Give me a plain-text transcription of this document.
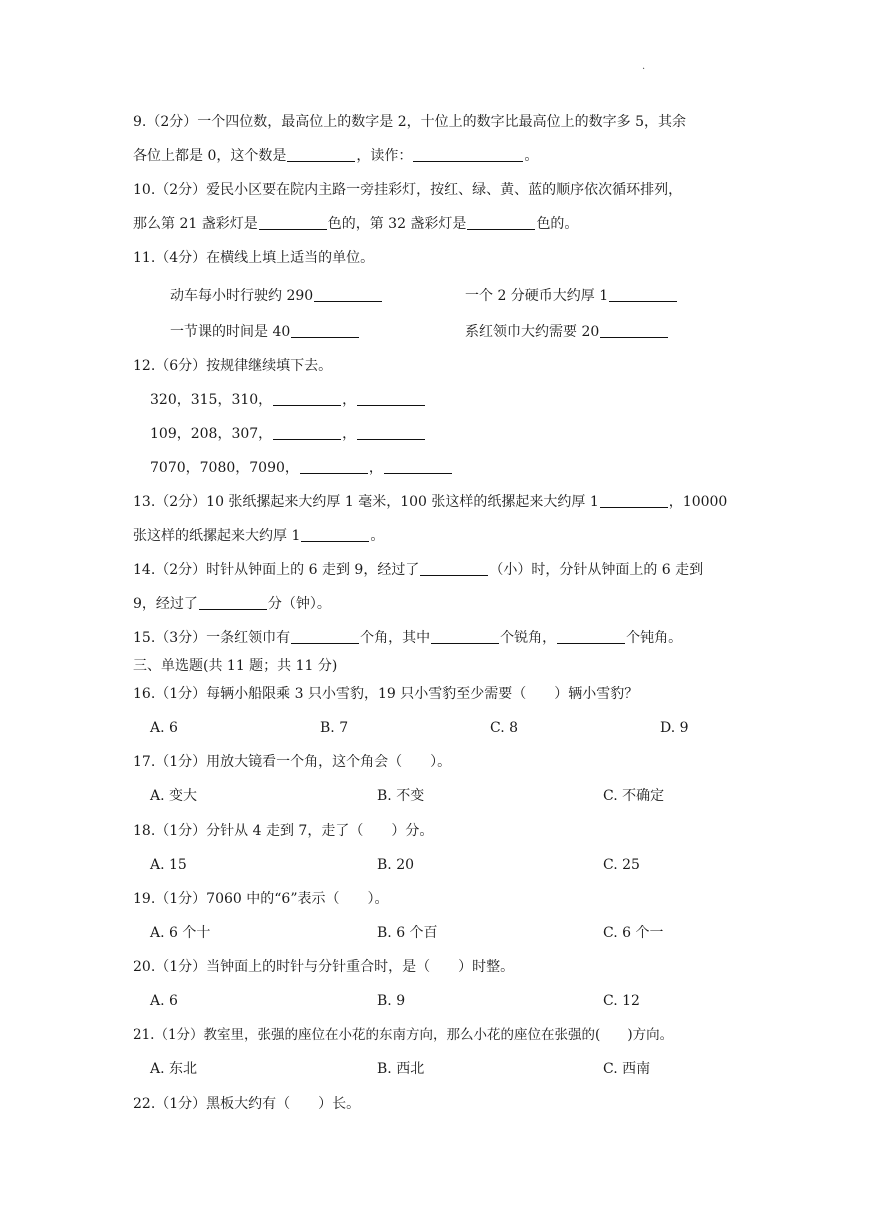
·
9.（2分）一个四位数，最高位上的数字是 2，十位上的数字比最高位上的数字多 5，其余
各位上都是 0，这个数是	，读作：	。
10.（2分）爱民小区要在院内主路一旁挂彩灯，按红、绿、黄、蓝的顺序依次循环排列，
那么第 21 盏彩灯是	色的，第 32 盏彩灯是	色的。
11.（4分）在横线上填上适当的单位。
动车每小时行驶约 290	一个 2 分硬币大约厚 1
一节课的时间是 40	系红领巾大约需要 20
12.（6分）按规律继续填下去。
320，315，310，	，
109，208，307，	，
7070，7080，7090，	，
13.（2分）10 张纸摞起来大约厚 1 毫米，100 张这样的纸摞起来大约厚 1	，10000
张这样的纸摞起来大约厚 1	。
14.（2分）时针从钟面上的 6 走到 9，经过了	（小）时，分针从钟面上的 6 走到
9，经过了	分（钟）。
15.（3分）一条红领巾有	个角，其中	个锐角，	个钝角。
三、单选题(共 11 题；共 11 分)
16.（1分）每辆小船限乘 3 只小雪豹，19 只小雪豹至少需要（　　）辆小雪豹？
A. 6	B. 7	C. 8	D. 9
17.（1分）用放大镜看一个角，这个角会（　　）。
A. 变大	B. 不变	C. 不确定
18.（1分）分针从 4 走到 7，走了（　　）分。
A. 15	B. 20	C. 25
19.（1分）7060 中的“6”表示（　　）。
A. 6 个十	B. 6 个百	C. 6 个一
20.（1分）当钟面上的时针与分针重合时，是（　　）时整。
A. 6	B. 9	C. 12
21.（1分）教室里，张强的座位在小花的东南方向，那么小花的座位在张强的(　　)方向。
A. 东北	B. 西北	C. 西南
22.（1分）黑板大约有（　　）长。
